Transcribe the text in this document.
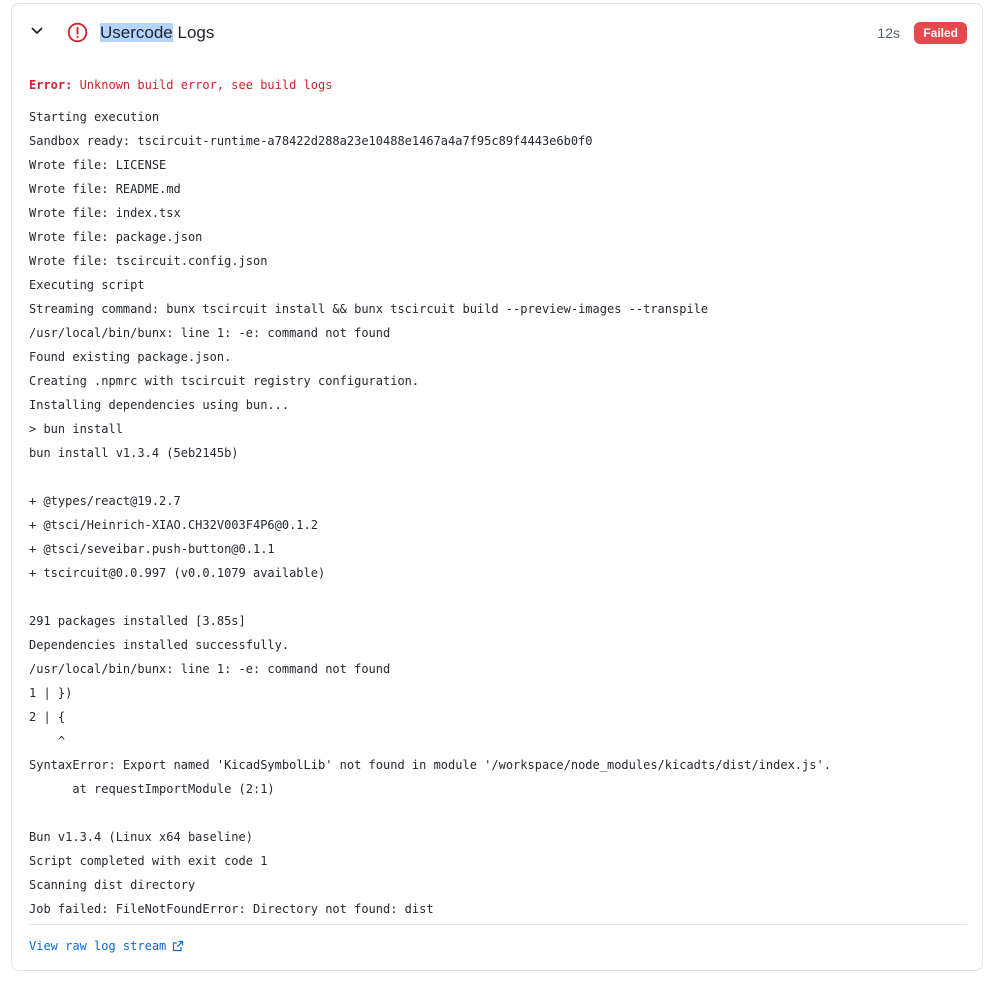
Usercode Logs	12s	Failed
Error: Unknown build error, see build logs
Starting execution
Sandbox ready: tscircuit-runtime-a78422d288a23e10488e1467a4a7f95c89f4443e6b0f0
Wrote file: LICENSE
Wrote file: README.md
Wrote file: index.tsx
Wrote file: package.json
Wrote file: tscircuit.config.json
Executing script
Streaming command: bunx tscircuit install && bunx tscircuit build --preview-images --transpile
/usr/local/bin/bunx: line 1: -e: command not found
Found existing package.json.
Creating .npmrc with tscircuit registry configuration.
Installing dependencies using bun...
> bun install
bun install v1.3.4 (5eb2145b)
+ @types/react@19.2.7
+ @tsci/Heinrich-XIAO.CH32V003F4P6@0.1.2
+ @tsci/seveibar.push-button@0.1.1
+ tscircuit@0.0.997 (v0.0.1079 available)
291 packages installed [3.85s]
Dependencies installed successfully.
/usr/local/bin/bunx: line 1: -e: command not found
1 | })
2 | {
^
SyntaxError: Export named 'KicadSymbolLib' not found in module '/workspace/node_modules/kicadts/dist/index.js'.
at requestImportModule (2:1)
Bun v1.3.4 (Linux x64 baseline)
Script completed with exit code 1
Scanning dist directory
Job failed: FileNotFoundError: Directory not found: dist
View raw log stream
